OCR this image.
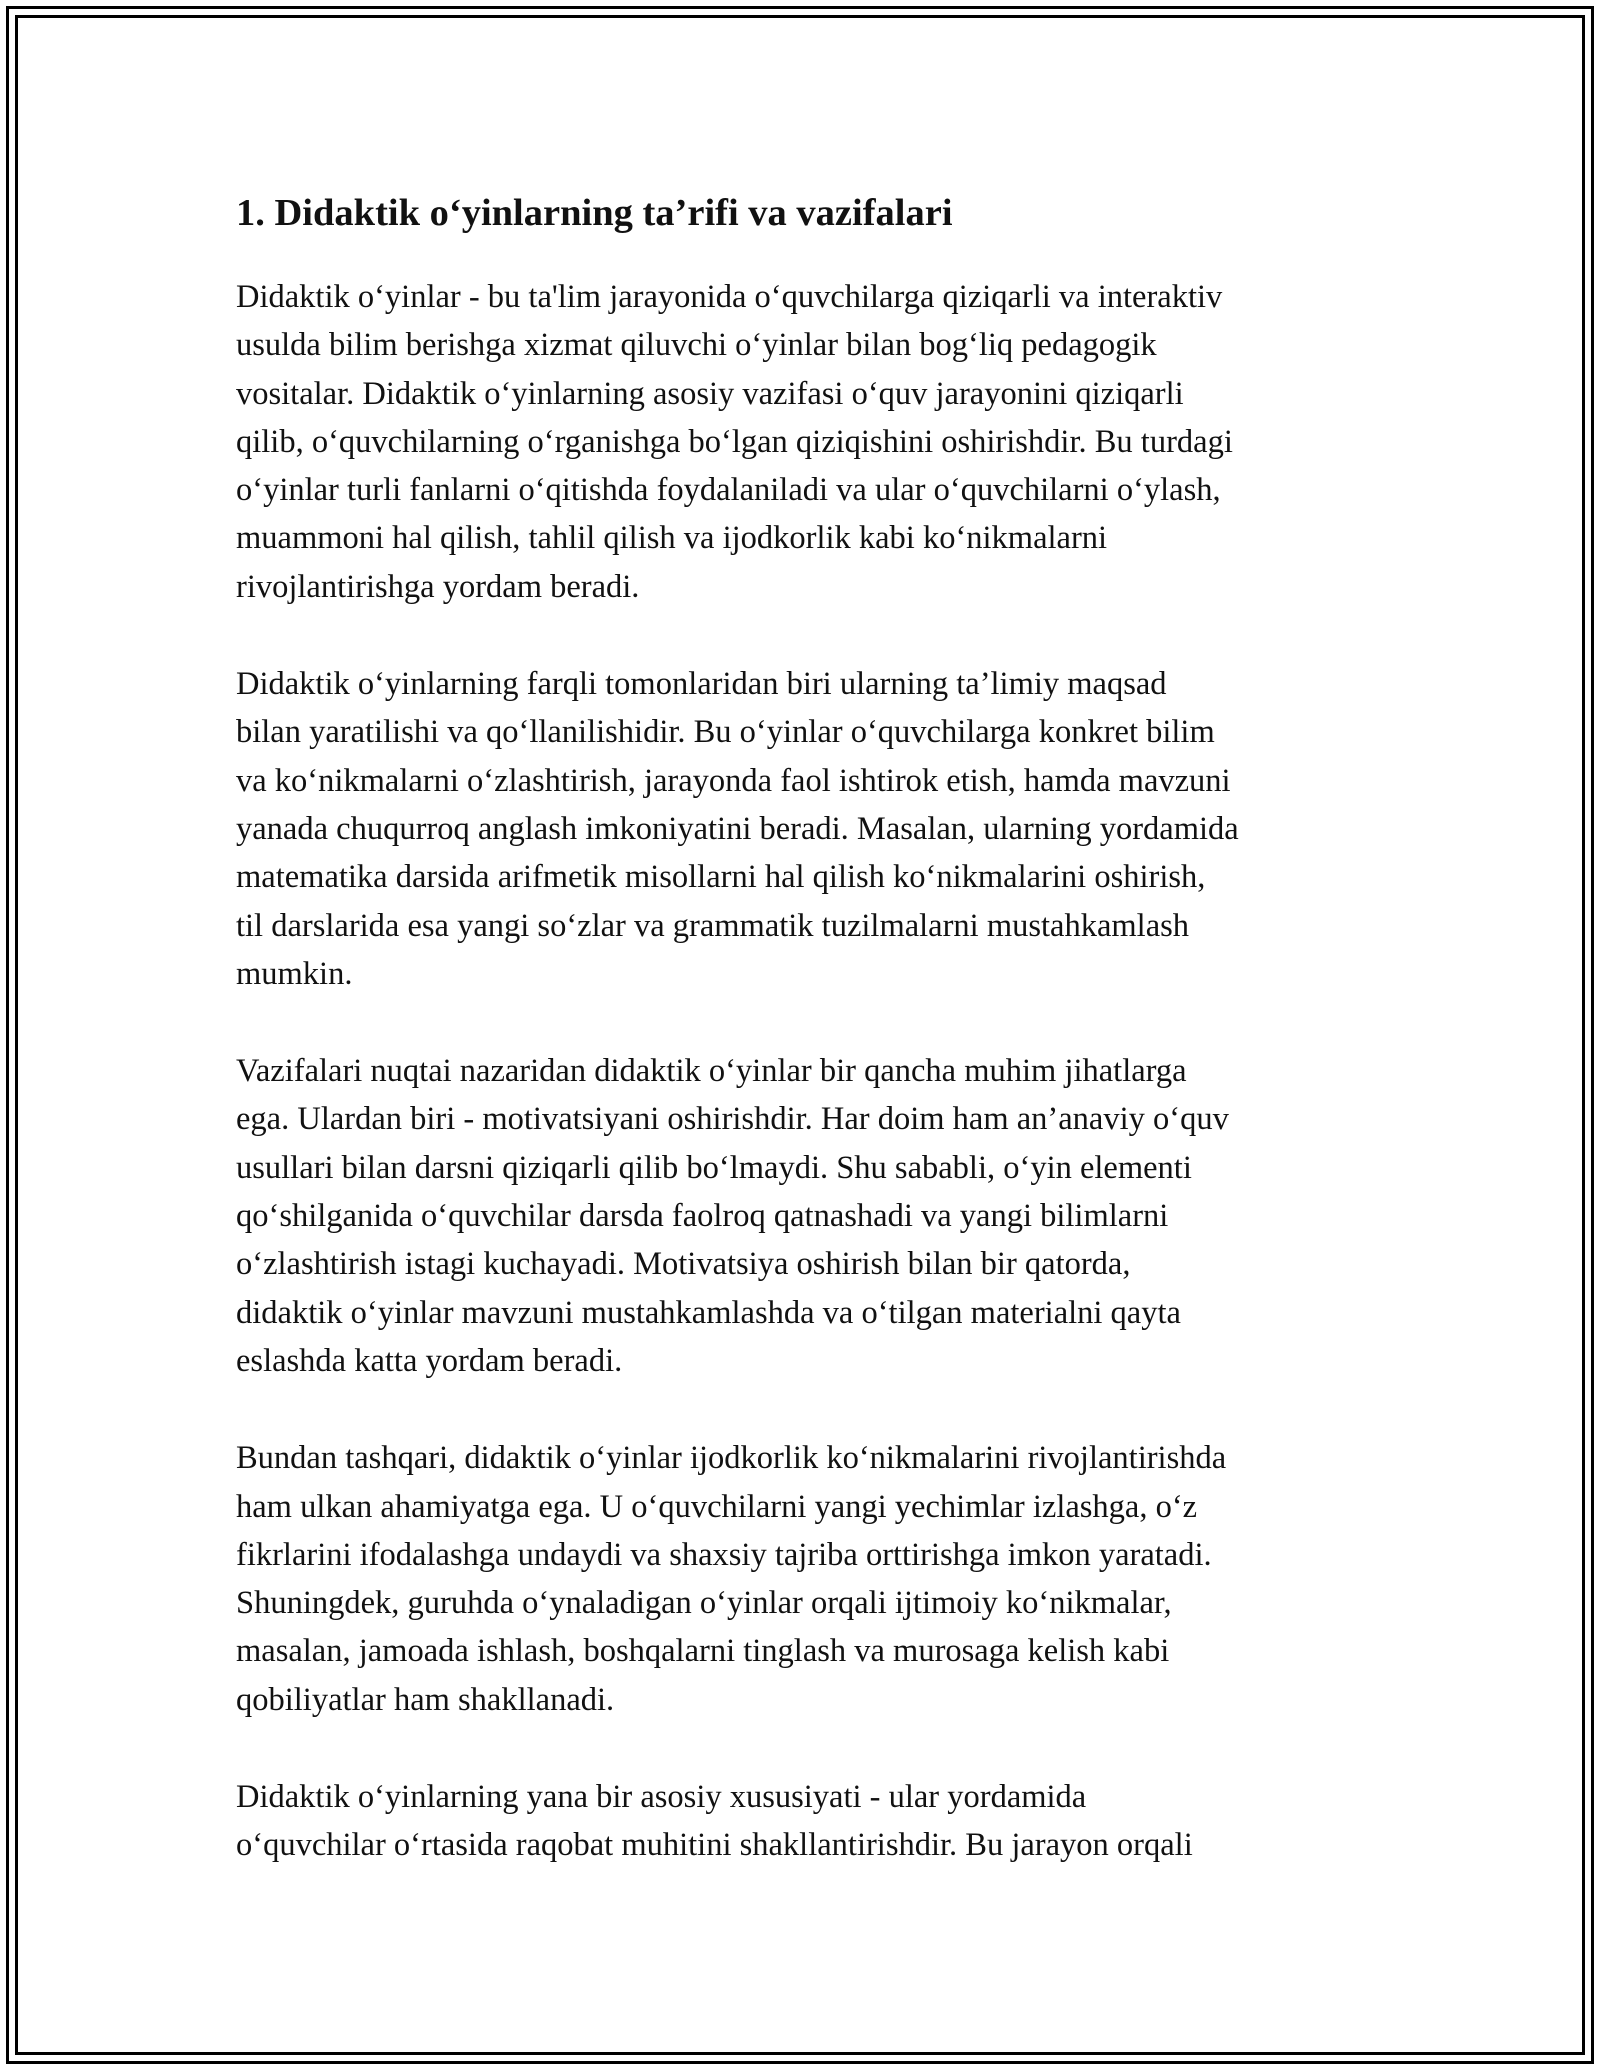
1. Didaktik o‘yinlarning ta’rifi va vazifalari

Didaktik o‘yinlar - bu ta'lim jarayonida o‘quvchilarga qiziqarli va interaktiv
usulda bilim berishga xizmat qiluvchi o‘yinlar bilan bog‘liq pedagogik
vositalar. Didaktik o‘yinlarning asosiy vazifasi o‘quv jarayonini qiziqarli
qilib, o‘quvchilarning o‘rganishga bo‘lgan qiziqishini oshirishdir. Bu turdagi
o‘yinlar turli fanlarni o‘qitishda foydalaniladi va ular o‘quvchilarni o‘ylash,
muammoni hal qilish, tahlil qilish va ijodkorlik kabi ko‘nikmalarni
rivojlantirishga yordam beradi.

Didaktik o‘yinlarning farqli tomonlaridan biri ularning ta’limiy maqsad
bilan yaratilishi va qo‘llanilishidir. Bu o‘yinlar o‘quvchilarga konkret bilim
va ko‘nikmalarni o‘zlashtirish, jarayonda faol ishtirok etish, hamda mavzuni
yanada chuqurroq anglash imkoniyatini beradi. Masalan, ularning yordamida
matematika darsida arifmetik misollarni hal qilish ko‘nikmalarini oshirish,
til darslarida esa yangi so‘zlar va grammatik tuzilmalarni mustahkamlash
mumkin.

Vazifalari nuqtai nazaridan didaktik o‘yinlar bir qancha muhim jihatlarga
ega. Ulardan biri - motivatsiyani oshirishdir. Har doim ham an’anaviy o‘quv
usullari bilan darsni qiziqarli qilib bo‘lmaydi. Shu sababli, o‘yin elementi
qo‘shilganida o‘quvchilar darsda faolroq qatnashadi va yangi bilimlarni
o‘zlashtirish istagi kuchayadi. Motivatsiya oshirish bilan bir qatorda,
didaktik o‘yinlar mavzuni mustahkamlashda va o‘tilgan materialni qayta
eslashda katta yordam beradi.

Bundan tashqari, didaktik o‘yinlar ijodkorlik ko‘nikmalarini rivojlantirishda
ham ulkan ahamiyatga ega. U o‘quvchilarni yangi yechimlar izlashga, o‘z
fikrlarini ifodalashga undaydi va shaxsiy tajriba orttirishga imkon yaratadi.
Shuningdek, guruhda o‘ynaladigan o‘yinlar orqali ijtimoiy ko‘nikmalar,
masalan, jamoada ishlash, boshqalarni tinglash va murosaga kelish kabi
qobiliyatlar ham shakllanadi.

Didaktik o‘yinlarning yana bir asosiy xususiyati - ular yordamida
o‘quvchilar o‘rtasida raqobat muhitini shakllantirishdir. Bu jarayon orqali
